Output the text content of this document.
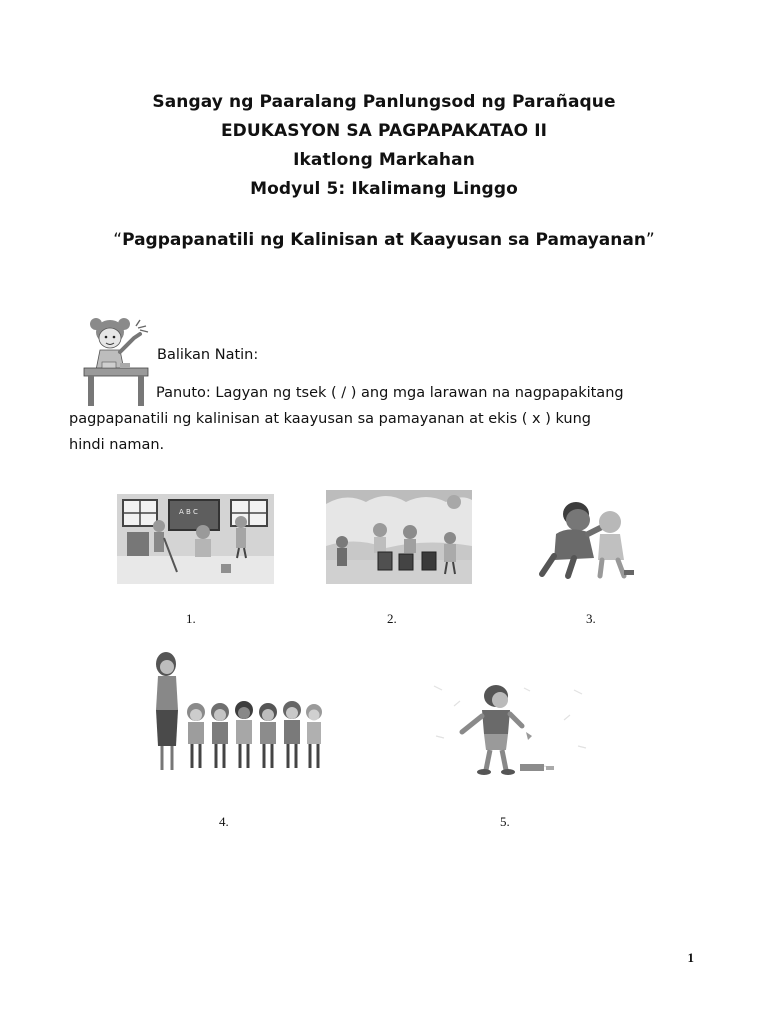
Sangay ng Paaralang Panlungsod ng Parañaque
EDUKASYON SA PAGPAPAKATAO II
Ikatlong Markahan
Modyul 5: Ikalimang Linggo
“Pagpapanatili ng Kalinisan at Kaayusan sa Pamayanan”
Balikan Natin:
Panuto: Lagyan ng tsek ( / ) ang mga larawan na nagpapakitang
pagpapanatili ng kalinisan at kaayusan sa pamayanan at ekis ( x ) kung
hindi naman.
A B C
1.	2.	3.
4.	5.
1
